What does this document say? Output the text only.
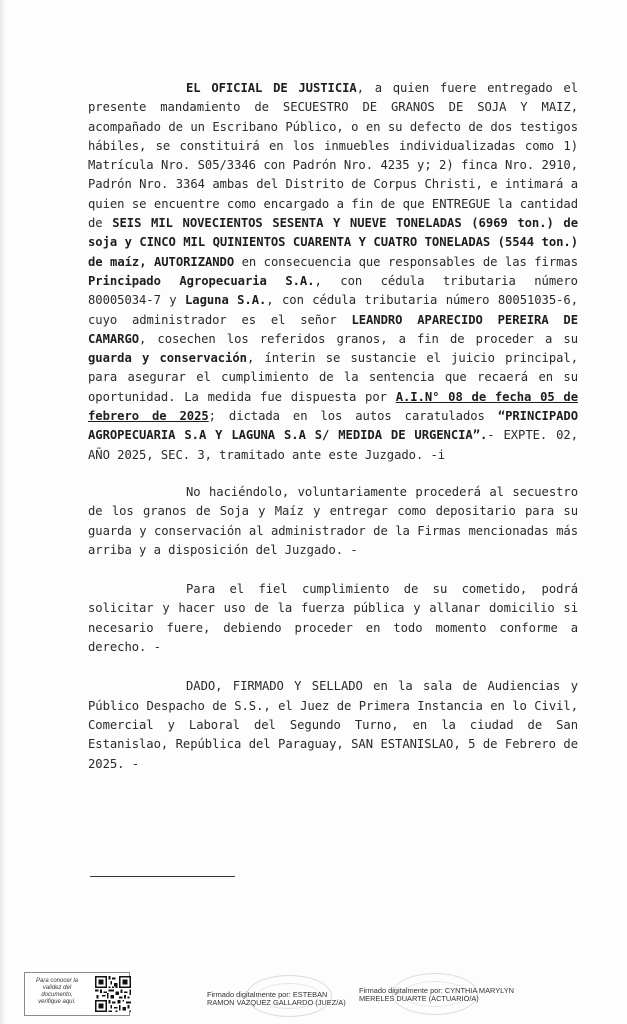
EL OFICIAL DE JUSTICIA, a quien fuere entregado el presente mandamiento de SECUESTRO DE GRANOS DE SOJA Y MAIZ, acompañado de un Escribano Público, o en su defecto de dos testigos hábiles, se constituirá en los inmuebles individualizadas como 1) Matrícula Nro. S05/3346 con Padrón Nro. 4235 y; 2) finca Nro. 2910, Padrón Nro. 3364 ambas del Distrito de Corpus Christi, e intimará a quien se encuentre como encargado a fin de que ENTREGUE la cantidad de SEIS MIL NOVECIENTOS SESENTA Y NUEVE TONELADAS (6969 ton.) de soja y CINCO MIL QUINIENTOS CUARENTA Y CUATRO TONELADAS (5544 ton.) de maíz, AUTORIZANDO en consecuencia que responsables de las firmas Principado Agropecuaria S.A., con cédula tributaria número 80005034-7 y Laguna S.A., con cédula tributaria número 80051035-6, cuyo administrador es el señor LEANDRO APARECIDO PEREIRA DE CAMARGO, cosechen los referidos granos, a fin de proceder a su guarda y conservación, ínterin se sustancie el juicio principal, para asegurar el cumplimiento de la sentencia que recaerá en su oportunidad. La medida fue dispuesta por A.I.N° 08 de fecha 05 de febrero de 2025; dictada en los autos caratulados “PRINCIPADO AGROPECUARIA S.A Y LAGUNA S.A S/ MEDIDA DE URGENCIA”.- EXPTE. 02, AÑO 2025, SEC. 3, tramitado ante este Juzgado. -i

No haciéndolo, voluntariamente procederá al secuestro de los granos de Soja y Maíz y entregar como depositario para su guarda y conservación al administrador de la Firmas mencionadas más arriba y a disposición del Juzgado. -

Para el fiel cumplimiento de su cometido, podrá solicitar y hacer uso de la fuerza pública y allanar domicilio si necesario fuere, debiendo proceder en todo momento conforme a derecho. -

DADO, FIRMADO Y SELLADO en la sala de Audiencias y Público Despacho de S.S., el Juez de Primera Instancia en lo Civil, Comercial y Laboral del Segundo Turno, en la ciudad de San Estanislao, República del Paraguay, SAN ESTANISLAO, 5 de Febrero de 2025. -

Para conocer la
validez del
documento,
verifique aquí.
Firmado digitalmente por: ESTEBAN
RAMON VAZQUEZ GALLARDO (JUEZ/A)
Firmado digitalmente por: CYNTHIA MARYLYN
MERELES DUARTE (ACTUARIO/A)
